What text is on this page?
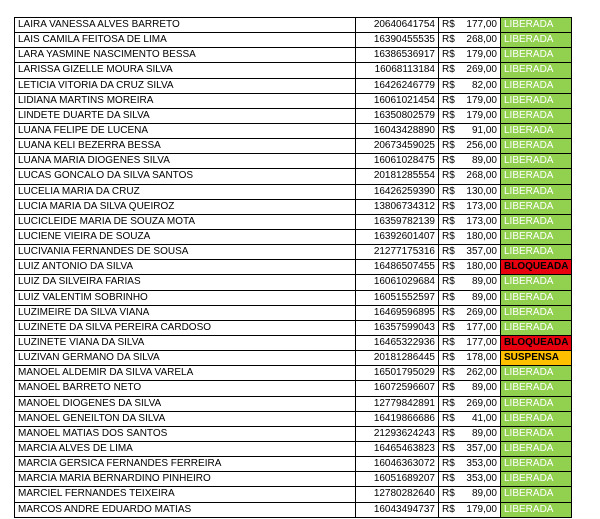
LAIRA VANESSA ALVES BARRETO	20640641754	R$	177,00	LIBERADA
LAIS CAMILA FEITOSA DE LIMA	16390455535	R$	268,00	LIBERADA
LARA YASMINE NASCIMENTO BESSA	16386536917	R$	179,00	LIBERADA
LARISSA GIZELLE MOURA SILVA	16068113184	R$	269,00	LIBERADA
LETICIA VITORIA DA CRUZ SILVA	16426246779	R$	82,00	LIBERADA
LIDIANA MARTINS MOREIRA	16061021454	R$	179,00	LIBERADA
LINDETE DUARTE DA SILVA	16350802579	R$	179,00	LIBERADA
LUANA FELIPE DE LUCENA	16043428890	R$	91,00	LIBERADA
LUANA KELI BEZERRA BESSA	20673459025	R$	256,00	LIBERADA
LUANA MARIA DIOGENES SILVA	16061028475	R$	89,00	LIBERADA
LUCAS GONCALO DA SILVA SANTOS	20181285554	R$	268,00	LIBERADA
LUCELIA MARIA DA CRUZ	16426259390	R$	130,00	LIBERADA
LUCIA MARIA DA SILVA QUEIROZ	13806734312	R$	173,00	LIBERADA
LUCICLEIDE MARIA DE SOUZA MOTA	16359782139	R$	173,00	LIBERADA
LUCIENE VIEIRA DE SOUZA	16392601407	R$	180,00	LIBERADA
LUCIVANIA FERNANDES DE SOUSA	21277175316	R$	357,00	LIBERADA
LUIZ ANTONIO DA SILVA	16486507455	R$	180,00	BLOQUEADA
LUIZ DA SILVEIRA FARIAS	16061029684	R$	89,00	LIBERADA
LUIZ VALENTIM SOBRINHO	16051552597	R$	89,00	LIBERADA
LUZIMEIRE DA SILVA VIANA	16469596895	R$	269,00	LIBERADA
LUZINETE DA SILVA PEREIRA CARDOSO	16357599043	R$	177,00	LIBERADA
LUZINETE VIANA DA SILVA	16465322936	R$	177,00	BLOQUEADA
LUZIVAN GERMANO DA SILVA	20181286445	R$	178,00	SUSPENSA
MANOEL ALDEMIR DA SILVA VARELA	16501795029	R$	262,00	LIBERADA
MANOEL BARRETO NETO	16072596607	R$	89,00	LIBERADA
MANOEL DIOGENES DA SILVA	12779842891	R$	269,00	LIBERADA
MANOEL GENEILTON DA SILVA	16419866686	R$	41,00	LIBERADA
MANOEL MATIAS DOS SANTOS	21293624243	R$	89,00	LIBERADA
MARCIA ALVES DE LIMA	16465463823	R$	357,00	LIBERADA
MARCIA GERSICA FERNANDES FERREIRA	16046363072	R$	353,00	LIBERADA
MARCIA MARIA BERNARDINO PINHEIRO	16051689207	R$	353,00	LIBERADA
MARCIEL FERNANDES TEIXEIRA	12780282640	R$	89,00	LIBERADA
MARCOS ANDRE EDUARDO MATIAS	16043494737	R$	179,00	LIBERADA
